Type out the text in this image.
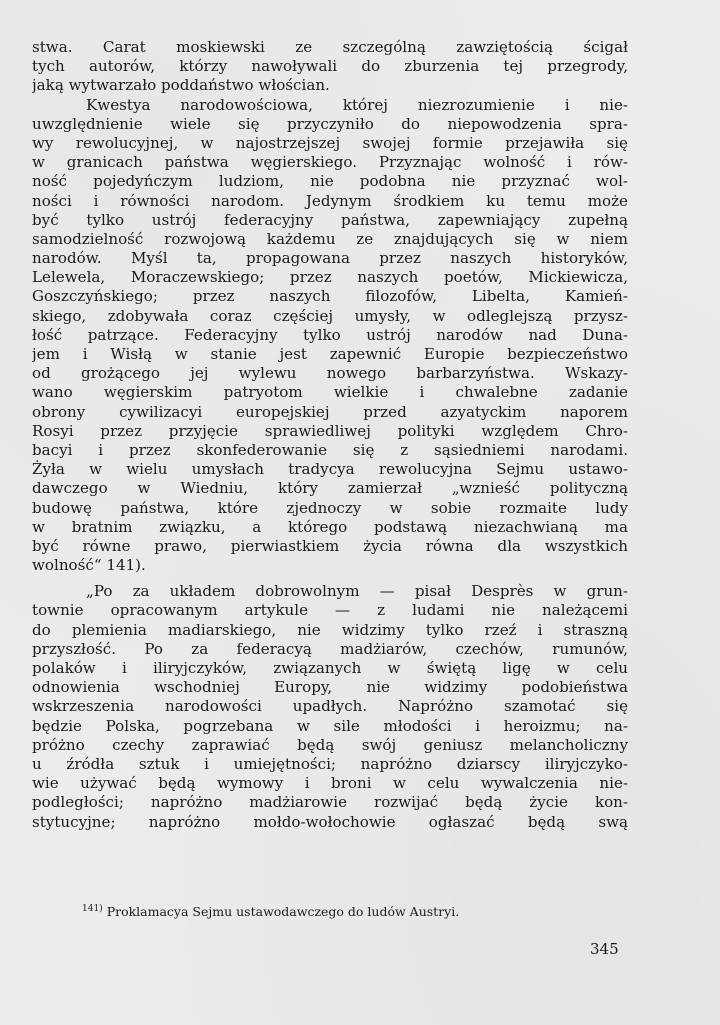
stwa. Carat moskiewski ze szczególną zawziętością ścigał
tych autorów, którzy nawoływali do zburzenia tej przegrody,
jaką wytwarzało poddaństwo włościan.
Kwestya narodowościowa, której niezrozumienie i nie-
uwzględnienie wiele się przyczyniło do niepowodzenia spra-
wy rewolucyjnej, w najostrzejszej swojej formie przejawiła się
w granicach państwa węgierskiego. Przyznając wolność i rów-
ność pojedyńczym ludziom, nie podobna nie przyznać wol-
ności i równości narodom. Jedynym środkiem ku temu może
być tylko ustrój federacyjny państwa, zapewniający zupełną
samodzielność rozwojową każdemu ze znajdujących się w niem
narodów. Myśl ta, propagowana przez naszych historyków,
Lelewela, Moraczewskiego; przez naszych poetów, Mickiewicza,
Goszczyńskiego; przez naszych filozofów, Libelta, Kamień-
skiego, zdobywała coraz częściej umysły, w odleglejszą przysz-
łość patrzące. Federacyjny tylko ustrój narodów nad Duna-
jem i Wisłą w stanie jest zapewnić Europie bezpieczeństwo
od grożącego jej wylewu nowego barbarzyństwa. Wskazy-
wano węgierskim patryotom wielkie i chwalebne zadanie
obrony cywilizacyi europejskiej przed azyatyckim naporem
Rosyi przez przyjęcie sprawiedliwej polityki względem Chro-
bacyi i przez skonfederowanie się z sąsiedniemi narodami.
Żyła w wielu umysłach tradycya rewolucyjna Sejmu ustawo-
dawczego w Wiedniu, który zamierzał „wznieść polityczną
budowę państwa, które zjednoczy w sobie rozmaite ludy
w bratnim związku, a którego podstawą niezachwianą ma
być równe prawo, pierwiastkiem życia równa dla wszystkich
wolność“ 141).
„Po za układem dobrowolnym — pisał Desprès w grun-
townie opracowanym artykule — z ludami nie należącemi
do plemienia madiarskiego, nie widzimy tylko rzeź i straszną
przyszłość. Po za federacyą madżiarów, czechów, rumunów,
polaków i iliryjczyków, związanych w świętą ligę w celu
odnowienia wschodniej Europy, nie widzimy podobieństwa
wskrzeszenia narodowości upadłych. Napróżno szamotać się
będzie Polska, pogrzebana w sile młodości i heroizmu; na-
próżno czechy zaprawiać będą swój geniusz melancholiczny
u źródła sztuk i umiejętności; napróżno dziarscy iliryjczyko-
wie używać będą wymowy i broni w celu wywalczenia nie-
podległości; napróżno madżiarowie rozwijać będą życie kon-
stytucyjne; napróżno mołdo-wołochowie ogłaszać będą swą
$^{141)}$ Proklamacya Sejmu ustawodawczego do ludów Austryi.
345
